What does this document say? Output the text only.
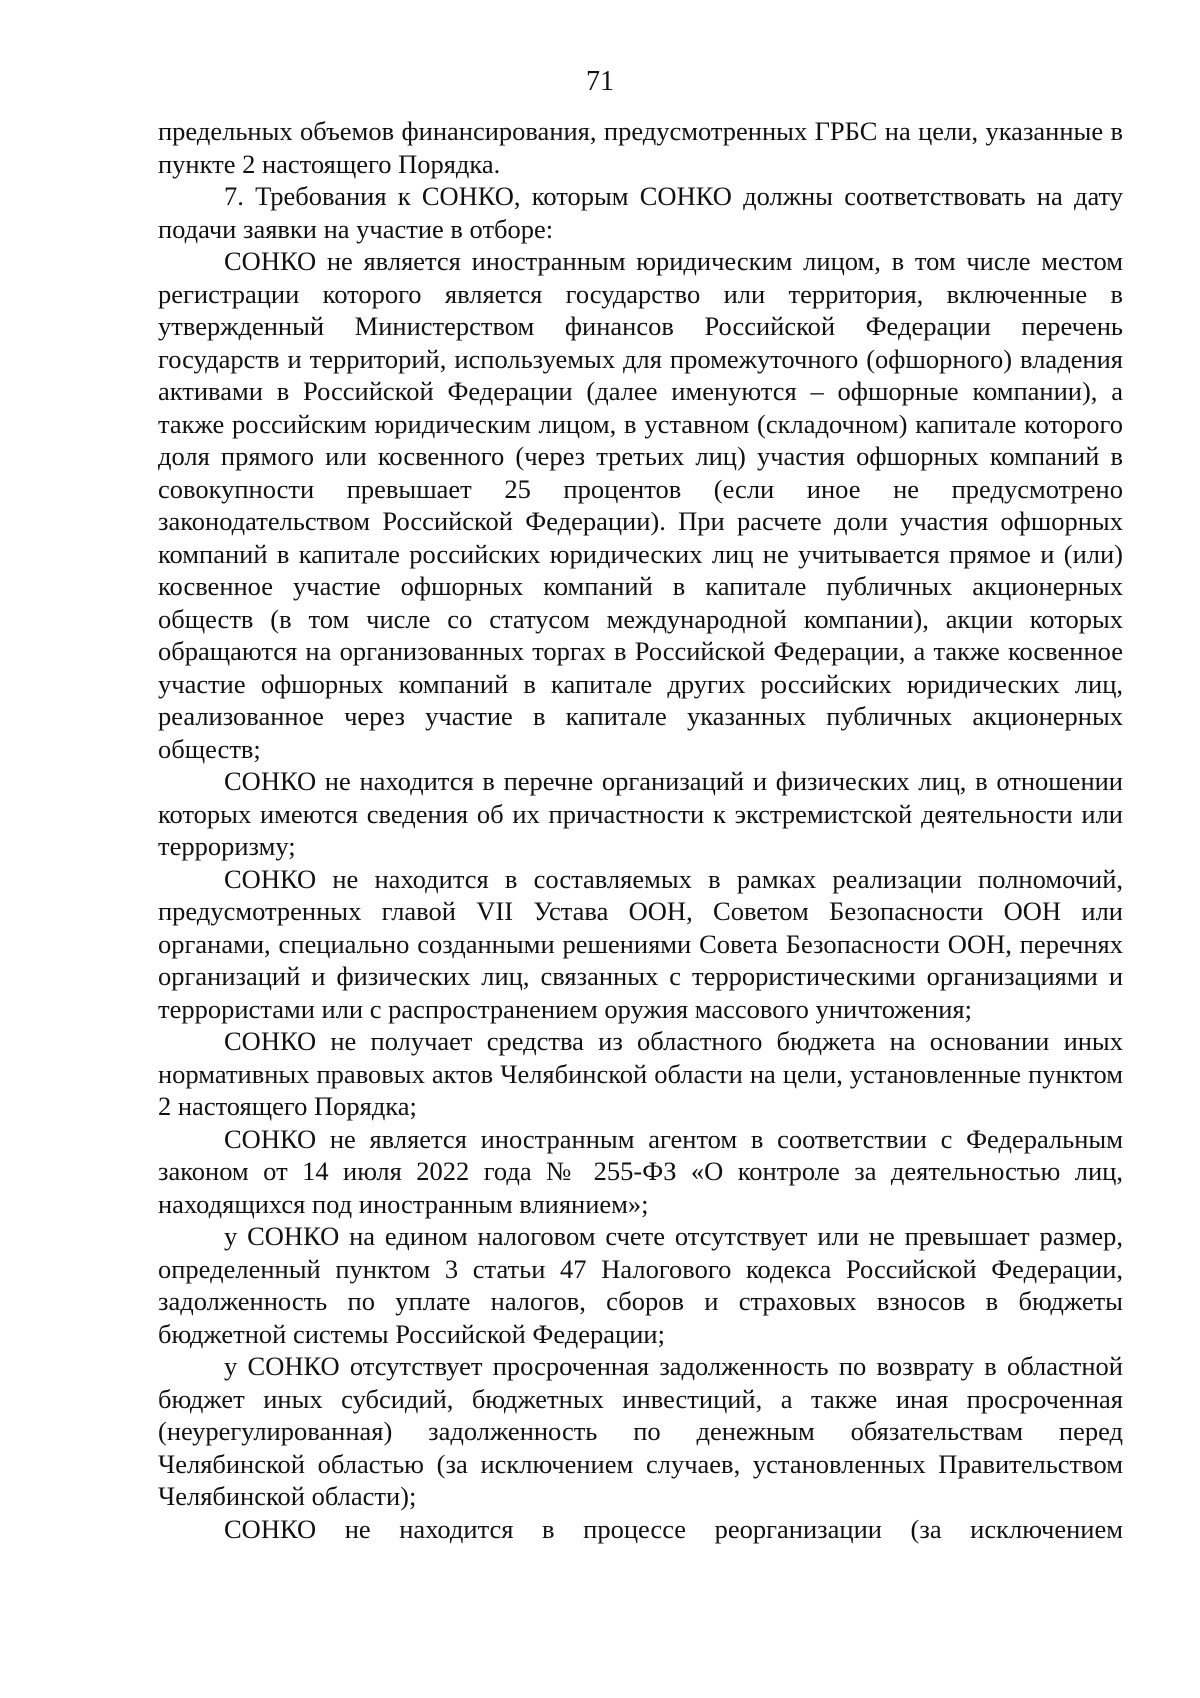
71

предельных объемов финансирования, предусмотренных ГРБС на цели, указанные в пункте 2 настоящего Порядка.

7. Требования к СОНКО, которым СОНКО должны соответствовать на дату подачи заявки на участие в отборе:

СОНКО не является иностранным юридическим лицом, в том числе местом регистрации которого является государство или территория, включенные в утвержденный Министерством финансов Российской Федерации перечень государств и территорий, используемых для промежуточного (офшорного) владения активами в Российской Федерации (далее именуются – офшорные компании), а также российским юридическим лицом, в уставном (складочном) капитале которого доля прямого или косвенного (через третьих лиц) участия офшорных компаний в совокупности превышает 25 процентов (если иное не предусмотрено законодательством Российской Федерации). При расчете доли участия офшорных компаний в капитале российских юридических лиц не учитывается прямое и (или) косвенное участие офшорных компаний в капитале публичных акционерных обществ (в том числе со статусом международной компании), акции которых обращаются на организованных торгах в Российской Федерации, а также косвенное участие офшорных компаний в капитале других российских юридических лиц, реализованное через участие в капитале указанных публичных акционерных обществ;

СОНКО не находится в перечне организаций и физических лиц, в отношении которых имеются сведения об их причастности к экстремистской деятельности или терроризму;

СОНКО не находится в составляемых в рамках реализации полномочий, предусмотренных главой VII Устава ООН, Советом Безопасности ООН или органами, специально созданными решениями Совета Безопасности ООН, перечнях организаций и физических лиц, связанных с террористическими организациями и террористами или с распространением оружия массового уничтожения;

СОНКО не получает средства из областного бюджета на основании иных нормативных правовых актов Челябинской области на цели, установленные пунктом 2 настоящего Порядка;

СОНКО не является иностранным агентом в соответствии с Федеральным законом от 14 июля 2022 года № 255-ФЗ «О контроле за деятельностью лиц, находящихся под иностранным влиянием»;

у СОНКО на едином налоговом счете отсутствует или не превышает размер, определенный пунктом 3 статьи 47 Налогового кодекса Российской Федерации, задолженность по уплате налогов, сборов и страховых взносов в бюджеты бюджетной системы Российской Федерации;

у СОНКО отсутствует просроченная задолженность по возврату в областной бюджет иных субсидий, бюджетных инвестиций, а также иная просроченная (неурегулированная) задолженность по денежным обязательствам перед Челябинской областью (за исключением случаев, установленных Правительством Челябинской области);

СОНКО не находится в процессе реорганизации (за исключением
